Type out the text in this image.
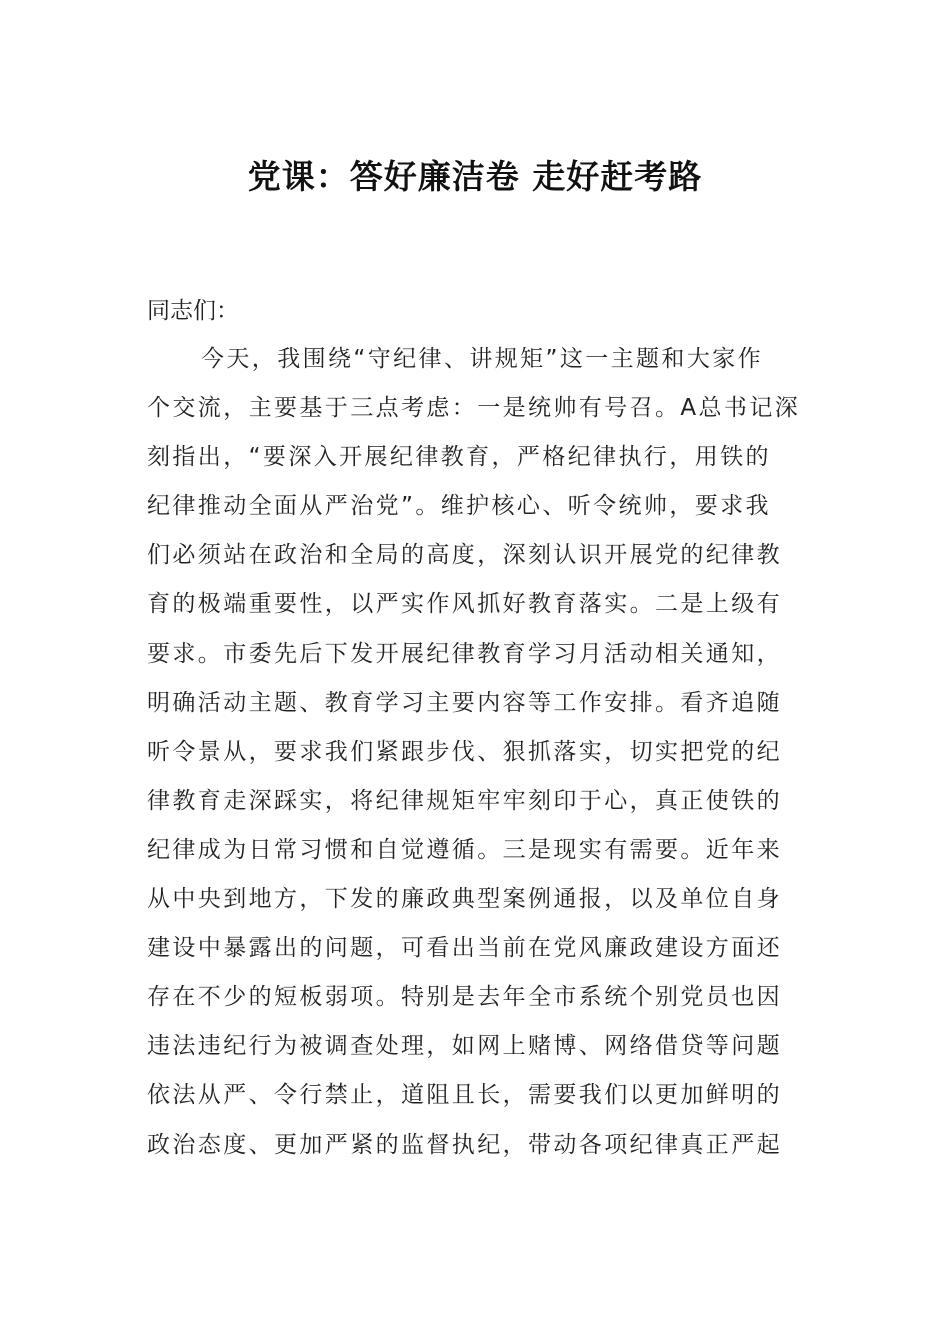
党课：答好廉洁卷 走好赶考路
同志们：
今天，我围绕“守纪律、讲规矩”这一主题和大家作
个交流，主要基于三点考虑：一是统帅有号召。A总书记深
刻指出，“要深入开展纪律教育，严格纪律执行，用铁的
纪律推动全面从严治党”。维护核心、听令统帅，要求我
们必须站在政治和全局的高度，深刻认识开展党的纪律教
育的极端重要性，以严实作风抓好教育落实。二是上级有
要求。市委先后下发开展纪律教育学习月活动相关通知，
明确活动主题、教育学习主要内容等工作安排。看齐追随
听令景从，要求我们紧跟步伐、狠抓落实，切实把党的纪
律教育走深踩实，将纪律规矩牢牢刻印于心，真正使铁的
纪律成为日常习惯和自觉遵循。三是现实有需要。近年来
从中央到地方，下发的廉政典型案例通报，以及单位自身
建设中暴露出的问题，可看出当前在党风廉政建设方面还
存在不少的短板弱项。特别是去年全市系统个别党员也因
违法违纪行为被调查处理，如网上赌博、网络借贷等问题
依法从严、令行禁止，道阻且长，需要我们以更加鲜明的
政治态度、更加严紧的监督执纪，带动各项纪律真正严起
